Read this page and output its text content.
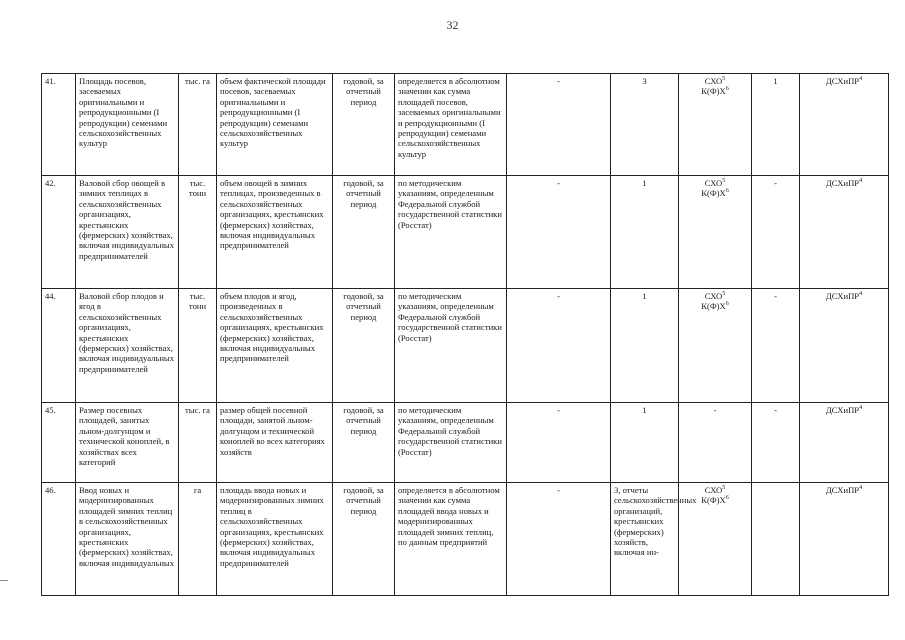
32
41.	Площадь посевов, засеваемых оригинальными и репродукционными (I репродукции) семенами сельскохозяйственных культур	тыс. га	объем фактической площади посевов, засеваемых оригинальными и репродукционными (I репродукции) семенами сельскохозяйственных культур	годовой, за отчетный период	определяется в абсолютном значении как сумма площадей посевов, засеваемых оригинальными и репродукционными (I репродукции) семенами сельскохозяйственных культур	-	3	СХО$^5$
$К(Ф)Х^6$	1	ДСХиПР$^4$
42.	Валовой сбор овощей в зимних теплицах в сельскохозяйственных организациях, крестьянских (фермерских) хозяйствах, включая индивидуальных предпринимателей	тыс. тонн	объем овощей в зимних теплицах, произведенных в сельскохозяйственных организациях, крестьянских (фермерских) хозяйствах, включая индивидуальных предпринимателей	годовой, за отчетный период	по методическим указаниям, определенным Федеральной службой государственной статистики (Росстат)	-	1	СХО$^5$
$К(Ф)Х^6$	-	ДСХиПР$^4$
44.	Валовой сбор плодов и ягод в сельскохозяйственных организациях, крестьянских (фермерских) хозяйствах, включая индивидуальных предпринимателей	тыс. тонн	объем плодов и ягод, произведенных в сельскохозяйственных организациях, крестьянских (фермерских) хозяйствах, включая индивидуальных предпринимателей	годовой, за отчетный период	по методическим указаниям, определенным Федеральной службой государственной статистики (Росстат)	-	1	СХО$^5$
$К(Ф)Х^6$	-	ДСХиПР$^4$
45.	Размер посевных площадей, занятых льном-долгунцом и технической коноплей, в хозяйствах всех категорий	тыс. га	размер общей посевной площади, занятой льном-долгунцом и технической коноплей во всех категориях хозяйств	годовой, за отчетный период	по методическим указаниям, определенным Федеральной службой государственной статистики (Росстат)	-	1	-	-	ДСХиПР$^4$
46.	Ввод новых и модернизированных площадей зимних теплиц в сельскохозяйственных организациях, крестьянских (фермерских) хозяйствах, включая индивидуальных	га	площадь ввода новых и модернизированных зимних теплиц в сельскохозяйственных организациях, крестьянских (фермерских) хозяйствах, включая индивидуальных предпринимателей	годовой, за отчетный период	определяется в абсолютном значении как сумма площадей ввода новых и модернизированных площадей зимних теплиц, по данным предприятий	-	3, отчеты сельскохозяйственных организаций, крестьянских (фермерских) хозяйств, включая ин-	СХО$^5$
$К(Ф)Х^6$		ДСХиПР$^4$
